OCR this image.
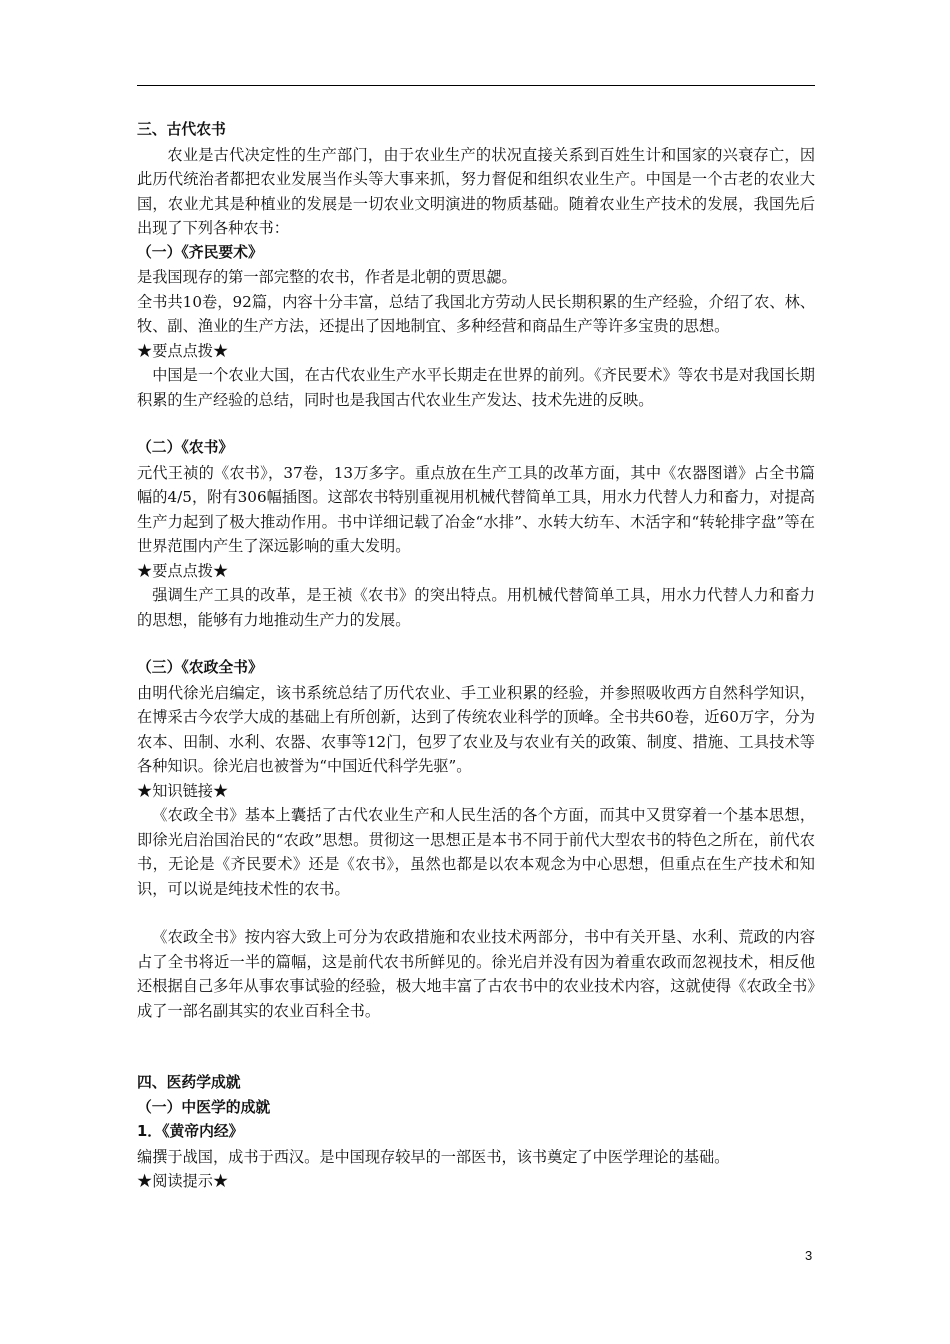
三、古代农书

农业是古代决定性的生产部门，由于农业生产的状况直接关系到百姓生计和国家的兴衰存亡，因此历代统治者都把农业发展当作头等大事来抓，努力督促和组织农业生产。中国是一个古老的农业大国，农业尤其是种植业的发展是一切农业文明演进的物质基础。随着农业生产技术的发展，我国先后出现了下列各种农书：

（一）《齐民要术》

是我国现存的第一部完整的农书，作者是北朝的贾思勰。

全书共10卷，92篇，内容十分丰富，总结了我国北方劳动人民长期积累的生产经验，介绍了农、林、牧、副、渔业的生产方法，还提出了因地制宜、多种经营和商品生产等许多宝贵的思想。

★要点点拨★

中国是一个农业大国，在古代农业生产水平长期走在世界的前列。《齐民要术》等农书是对我国长期积累的生产经验的总结，同时也是我国古代农业生产发达、技术先进的反映。

（二）《农书》

元代王祯的《农书》，37卷，13万多字。重点放在生产工具的改革方面，其中《农器图谱》占全书篇幅的4/5，附有306幅插图。这部农书特别重视用机械代替简单工具，用水力代替人力和畜力，对提高生产力起到了极大推动作用。书中详细记载了冶金“水排”、水转大纺车、木活字和“转轮排字盘”等在世界范围内产生了深远影响的重大发明。

★要点点拨★

强调生产工具的改革，是王祯《农书》的突出特点。用机械代替简单工具，用水力代替人力和畜力的思想，能够有力地推动生产力的发展。

（三）《农政全书》

由明代徐光启编定，该书系统总结了历代农业、手工业积累的经验，并参照吸收西方自然科学知识，在博采古今农学大成的基础上有所创新，达到了传统农业科学的顶峰。全书共60卷，近60万字，分为农本、田制、水利、农器、农事等12门，包罗了农业及与农业有关的政策、制度、措施、工具技术等各种知识。徐光启也被誉为“中国近代科学先驱”。

★知识链接★

《农政全书》基本上囊括了古代农业生产和人民生活的各个方面，而其中又贯穿着一个基本思想，即徐光启治国治民的“农政”思想。贯彻这一思想正是本书不同于前代大型农书的特色之所在，前代农书，无论是《齐民要术》还是《农书》，虽然也都是以农本观念为中心思想，但重点在生产技术和知识，可以说是纯技术性的农书。

《农政全书》按内容大致上可分为农政措施和农业技术两部分，书中有关开垦、水利、荒政的内容占了全书将近一半的篇幅，这是前代农书所鲜见的。徐光启并没有因为着重农政而忽视技术，相反他还根据自己多年从事农事试验的经验，极大地丰富了古农书中的农业技术内容，这就使得《农政全书》成了一部名副其实的农业百科全书。

四、医药学成就

（一）中医学的成就

1．《黄帝内经》

编撰于战国，成书于西汉。是中国现存较早的一部医书，该书奠定了中医学理论的基础。

★阅读提示★

3
